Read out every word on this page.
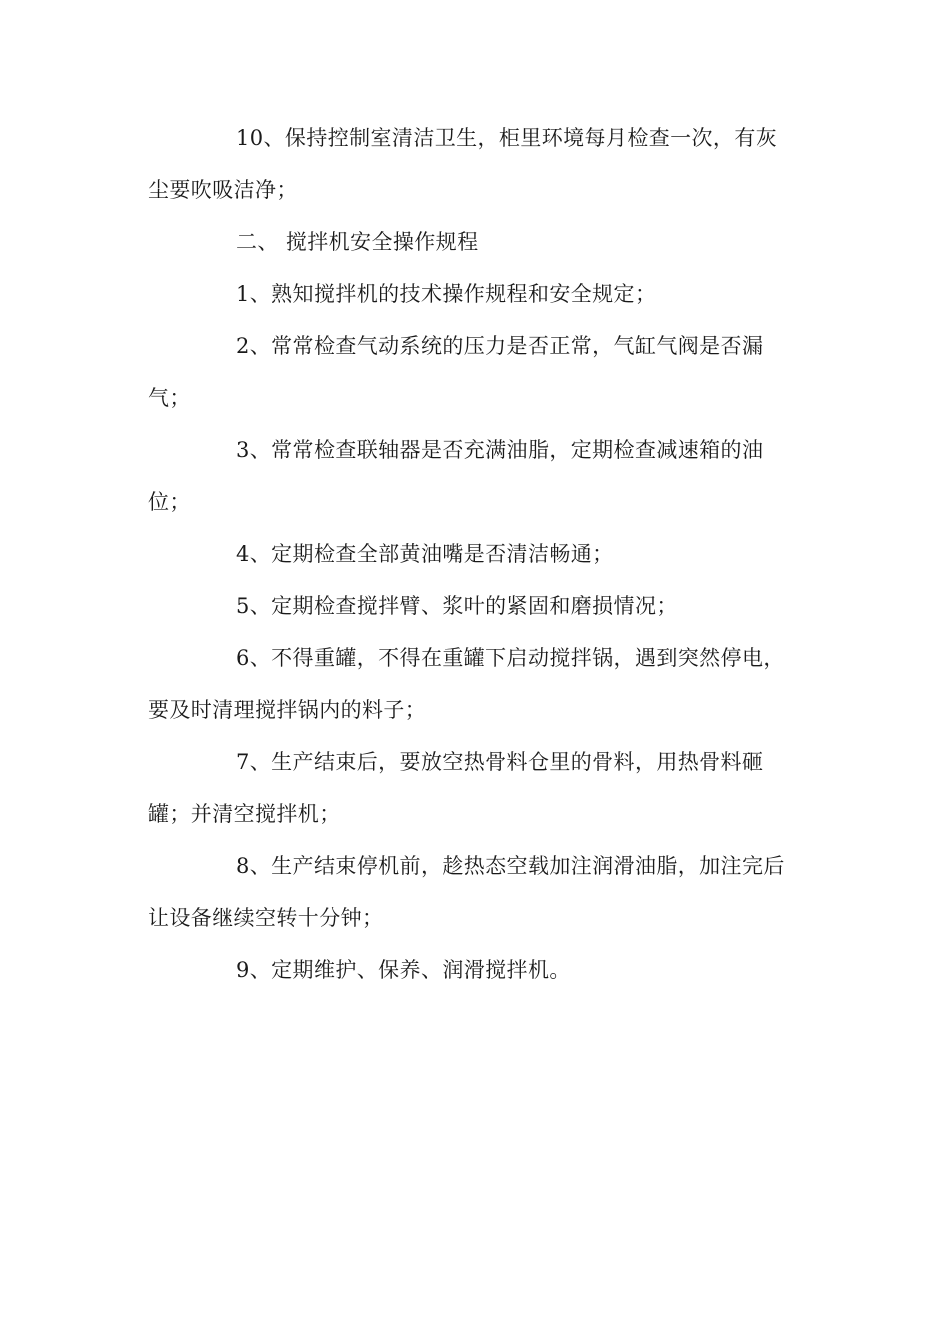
10、保持控制室清洁卫生，柜里环境每月检查一次，有灰尘要吹吸洁净；

二、 搅拌机安全操作规程

1、熟知搅拌机的技术操作规程和安全规定；

2、常常检查气动系统的压力是否正常，气缸气阀是否漏气；

3、常常检查联轴器是否充满油脂，定期检查减速箱的油位；

4、定期检查全部黄油嘴是否清洁畅通；

5、定期检查搅拌臂、浆叶的紧固和磨损情况；

6、不得重罐，不得在重罐下启动搅拌锅，遇到突然停电，要及时清理搅拌锅内的料子；

7、生产结束后，要放空热骨料仓里的骨料，用热骨料砸罐；并清空搅拌机；

8、生产结束停机前，趁热态空载加注润滑油脂，加注完后让设备继续空转十分钟；

9、定期维护、保养、润滑搅拌机。
